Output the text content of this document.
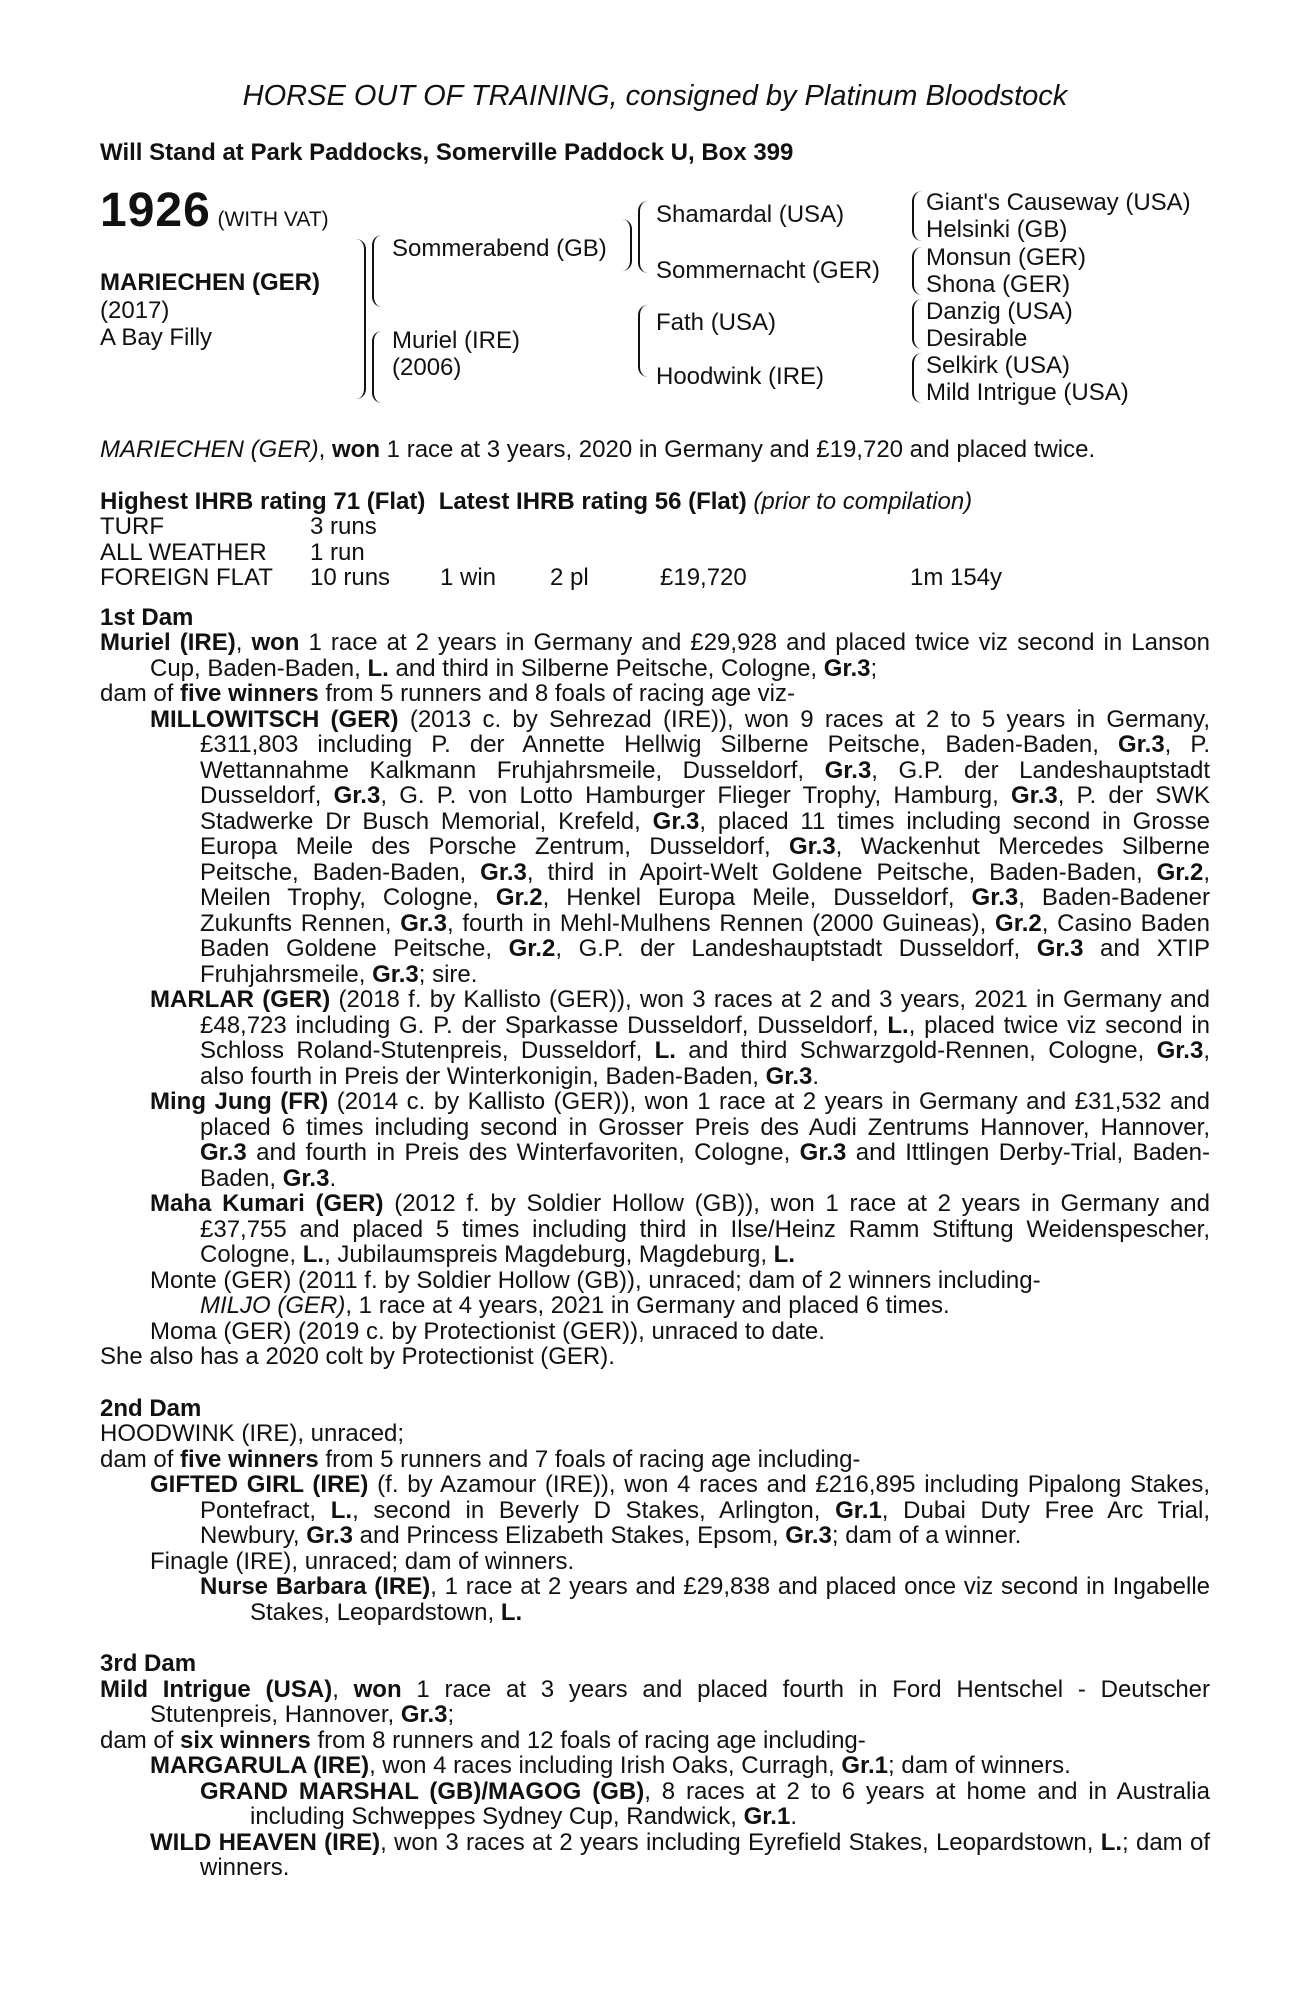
HORSE OUT OF TRAINING, consigned by Platinum Bloodstock
Will Stand at Park Paddocks, Somerville Paddock U, Box 399
1926 (WITH VAT)
MARIECHEN (GER)
(2017)
A Bay Filly
Sommerabend (GB)
Muriel (IRE)
(2006)
Shamardal (USA)
Sommernacht (GER)
Fath (USA)
Hoodwink (IRE)
Giant's Causeway (USA)
Helsinki (GB)
Monsun (GER)
Shona (GER)
Danzig (USA)
Desirable
Selkirk (USA)
Mild Intrigue (USA)

MARIECHEN (GER), won 1 race at 3 years, 2020 in Germany and £19,720 and placed twice.

Highest IHRB rating 71 (Flat) Latest IHRB rating 56 (Flat) (prior to compilation)

TURF	3 runs
ALL WEATHER	1 run
FOREIGN FLAT	10 runs	1 win	2 pl	£19,720	1m 154y

1st Dam

Muriel (IRE), won 1 race at 2 years in Germany and £29,928 and placed twice viz second in Lanson Cup, Baden-Baden, L. and third in Silberne Peitsche, Cologne, Gr.3;

dam of five winners from 5 runners and 8 foals of racing age viz-

MILLOWITSCH (GER) (2013 c. by Sehrezad (IRE)), won 9 races at 2 to 5 years in Germany, £311,803 including P. der Annette Hellwig Silberne Peitsche, Baden-Baden, Gr.3, P. Wettannahme Kalkmann Fruhjahrsmeile, Dusseldorf, Gr.3, G.P. der Landeshauptstadt Dusseldorf, Gr.3, G. P. von Lotto Hamburger Flieger Trophy, Hamburg, Gr.3, P. der SWK Stadwerke Dr Busch Memorial, Krefeld, Gr.3, placed 11 times including second in Grosse Europa Meile des Porsche Zentrum, Dusseldorf, Gr.3, Wackenhut Mercedes Silberne Peitsche, Baden-Baden, Gr.3, third in Apoirt-Welt Goldene Peitsche, Baden-Baden, Gr.2, Meilen Trophy, Cologne, Gr.2, Henkel Europa Meile, Dusseldorf, Gr.3, Baden-Badener Zukunfts Rennen, Gr.3, fourth in Mehl-Mulhens Rennen (2000 Guineas), Gr.2, Casino Baden Baden Goldene Peitsche, Gr.2, G.P. der Landeshauptstadt Dusseldorf, Gr.3 and XTIP Fruhjahrsmeile, Gr.3; sire.

MARLAR (GER) (2018 f. by Kallisto (GER)), won 3 races at 2 and 3 years, 2021 in Germany and £48,723 including G. P. der Sparkasse Dusseldorf, Dusseldorf, L., placed twice viz second in Schloss Roland-Stutenpreis, Dusseldorf, L. and third Schwarzgold-Rennen, Cologne, Gr.3, also fourth in Preis der Winterkonigin, Baden-Baden, Gr.3.

Ming Jung (FR) (2014 c. by Kallisto (GER)), won 1 race at 2 years in Germany and £31,532 and placed 6 times including second in Grosser Preis des Audi Zentrums Hannover, Hannover, Gr.3 and fourth in Preis des Winterfavoriten, Cologne, Gr.3 and Ittlingen Derby-Trial, Baden-Baden, Gr.3.

Maha Kumari (GER) (2012 f. by Soldier Hollow (GB)), won 1 race at 2 years in Germany and £37,755 and placed 5 times including third in Ilse/Heinz Ramm Stiftung Weidenspescher, Cologne, L., Jubilaumspreis Magdeburg, Magdeburg, L.

Monte (GER) (2011 f. by Soldier Hollow (GB)), unraced; dam of 2 winners including-

MILJO (GER), 1 race at 4 years, 2021 in Germany and placed 6 times.

Moma (GER) (2019 c. by Protectionist (GER)), unraced to date.

She also has a 2020 colt by Protectionist (GER).

2nd Dam

HOODWINK (IRE), unraced;

dam of five winners from 5 runners and 7 foals of racing age including-

GIFTED GIRL (IRE) (f. by Azamour (IRE)), won 4 races and £216,895 including Pipalong Stakes, Pontefract, L., second in Beverly D Stakes, Arlington, Gr.1, Dubai Duty Free Arc Trial, Newbury, Gr.3 and Princess Elizabeth Stakes, Epsom, Gr.3; dam of a winner.

Finagle (IRE), unraced; dam of winners.

Nurse Barbara (IRE), 1 race at 2 years and £29,838 and placed once viz second in Ingabelle Stakes, Leopardstown, L.

3rd Dam

Mild Intrigue (USA), won 1 race at 3 years and placed fourth in Ford Hentschel - Deutscher Stutenpreis, Hannover, Gr.3;

dam of six winners from 8 runners and 12 foals of racing age including-

MARGARULA (IRE), won 4 races including Irish Oaks, Curragh, Gr.1; dam of winners.

GRAND MARSHAL (GB)/MAGOG (GB), 8 races at 2 to 6 years at home and in Australia including Schweppes Sydney Cup, Randwick, Gr.1.

WILD HEAVEN (IRE), won 3 races at 2 years including Eyrefield Stakes, Leopardstown, L.; dam of winners.
